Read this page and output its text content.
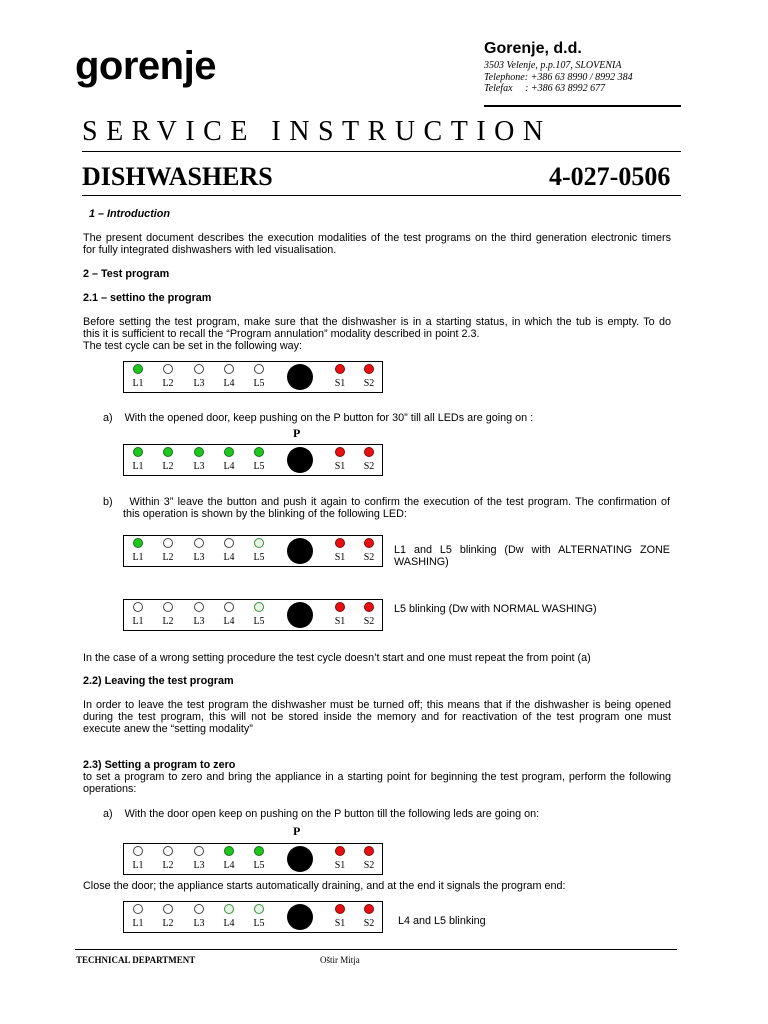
gorenje	Gorenje, d.d.
3503 Velenje, p.p.107, SLOVENIA
Telephone: +386 63 8990 / 8992 384
Telefax     : +386 63 8992 677
SERVICE INSTRUCTION
DISHWASHERS	4-027-0506
1 – Introduction
The present document describes the execution modalities of the test programs on the third generation electronic timers
for fully integrated dishwashers with led visualisation.
2 – Test program
2.1 – settino the program
Before setting the test program, make sure that the dishwasher is in a starting status, in which the tub is empty. To do
this it is sufficient to recall the “Program annulation” modality described in point 2.3.
The test cycle can be set in the following way:
L1	L2	L3	L4	L5	S1	S2
a)    With the opened door, keep pushing on the P button for 30” till all LEDs are going on :
P
L1	L2	L3	L4	L5	S1	S2
b)    Within 3” leave the button and push it again to confirm the execution of the test program. The confirmation of
this operation is shown by the blinking of the following LED:
L1	L2	L3	L4	L5	S1	S2
L1  and  L5  blinking  (Dw  with  ALTERNATING  ZONE
WASHING)
L1	L2	L3	L4	L5	S1	S2
L5 blinking (Dw with NORMAL WASHING)
In the case of a wrong setting procedure the test cycle doesn’t start and one must repeat the from point (a)
2.2) Leaving the test program
In order to leave the test program the dishwasher must be turned off; this means that if the dishwasher is being opened
during the test program, this will not be stored inside the memory and for reactivation of the test program one must
execute anew the “setting modality”
2.3) Setting a program to zero
to set a program to zero and bring the appliance in a starting point for beginning the test program, perform the following
operations:
a)    With the door open keep on pushing on the P button till the following leds are going on:
P
L1	L2	L3	L4	L5	S1	S2
Close the door; the appliance starts automatically draining, and at the end it signals the program end:
L1	L2	L3	L4	L5	S1	S2	L4 and L5 blinking
TECHNICAL DEPARTMENT	Oštir Mitja
